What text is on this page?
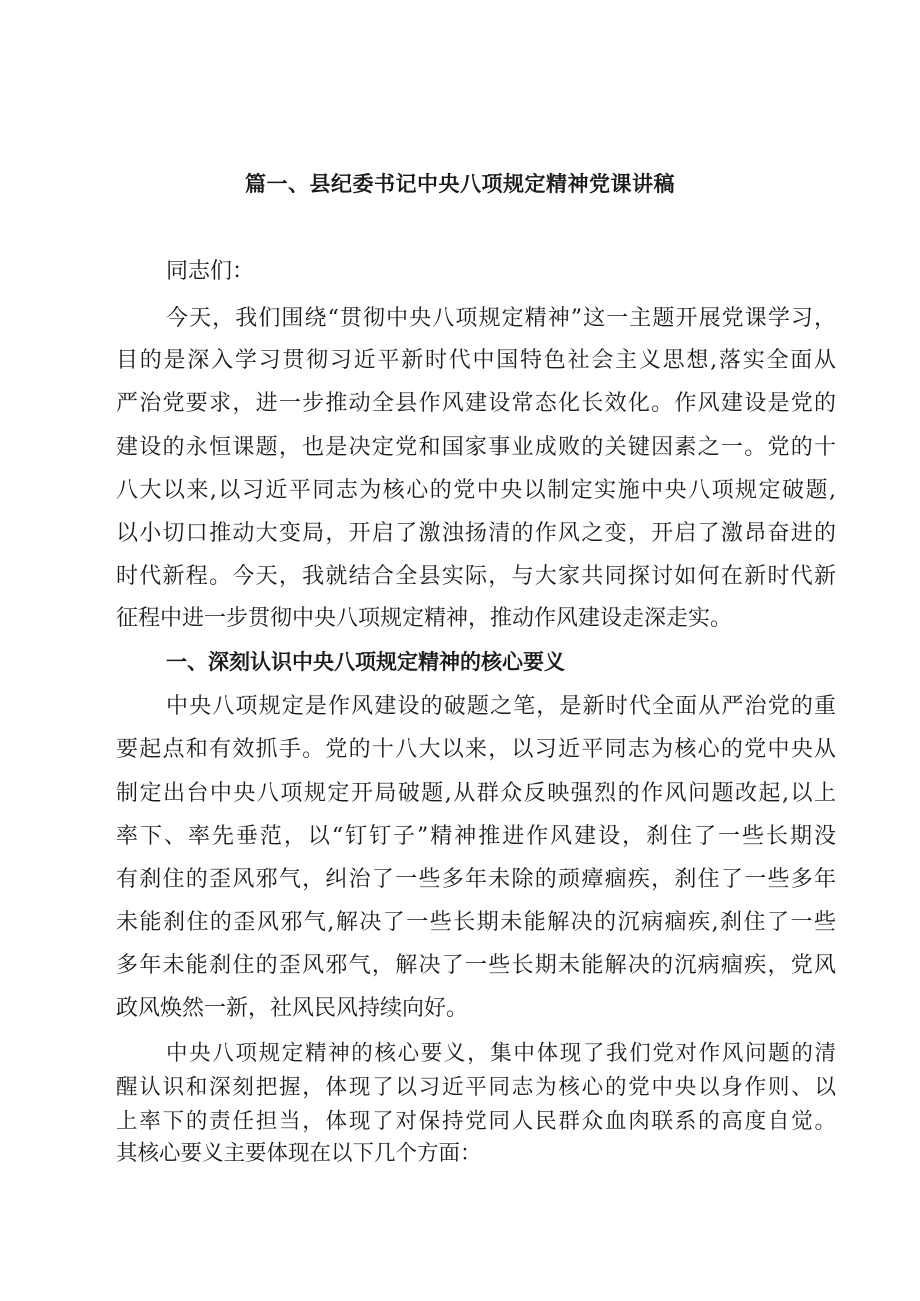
篇一、县纪委书记中央八项规定精神党课讲稿
同志们：
今天，我们围绕“贯彻中央八项规定精神”这一主题开展党课学习，
目的是深入学习贯彻习近平新时代中国特色社会主义思想,落实全面从
严治党要求，进一步推动全县作风建设常态化长效化。作风建设是党的
建设的永恒课题，也是决定党和国家事业成败的关键因素之一。党的十
八大以来,以习近平同志为核心的党中央以制定实施中央八项规定破题,
以小切口推动大变局，开启了激浊扬清的作风之变，开启了激昂奋进的
时代新程。今天，我就结合全县实际，与大家共同探讨如何在新时代新
征程中进一步贯彻中央八项规定精神，推动作风建设走深走实。
一、深刻认识中央八项规定精神的核心要义
中央八项规定是作风建设的破题之笔，是新时代全面从严治党的重
要起点和有效抓手。党的十八大以来，以习近平同志为核心的党中央从
制定出台中央八项规定开局破题,从群众反映强烈的作风问题改起,以上
率下、率先垂范，以“钉钉子”精神推进作风建设，刹住了一些长期没
有刹住的歪风邪气，纠治了一些多年未除的顽瘴痼疾，刹住了一些多年
未能刹住的歪风邪气,解决了一些长期未能解决的沉病痼疾,刹住了一些
多年未能刹住的歪风邪气，解决了一些长期未能解决的沉病痼疾，党风
政风焕然一新，社风民风持续向好。
中央八项规定精神的核心要义，集中体现了我们党对作风问题的清
醒认识和深刻把握，体现了以习近平同志为核心的党中央以身作则、以
上率下的责任担当，体现了对保持党同人民群众血肉联系的高度自觉。
其核心要义主要体现在以下几个方面：
